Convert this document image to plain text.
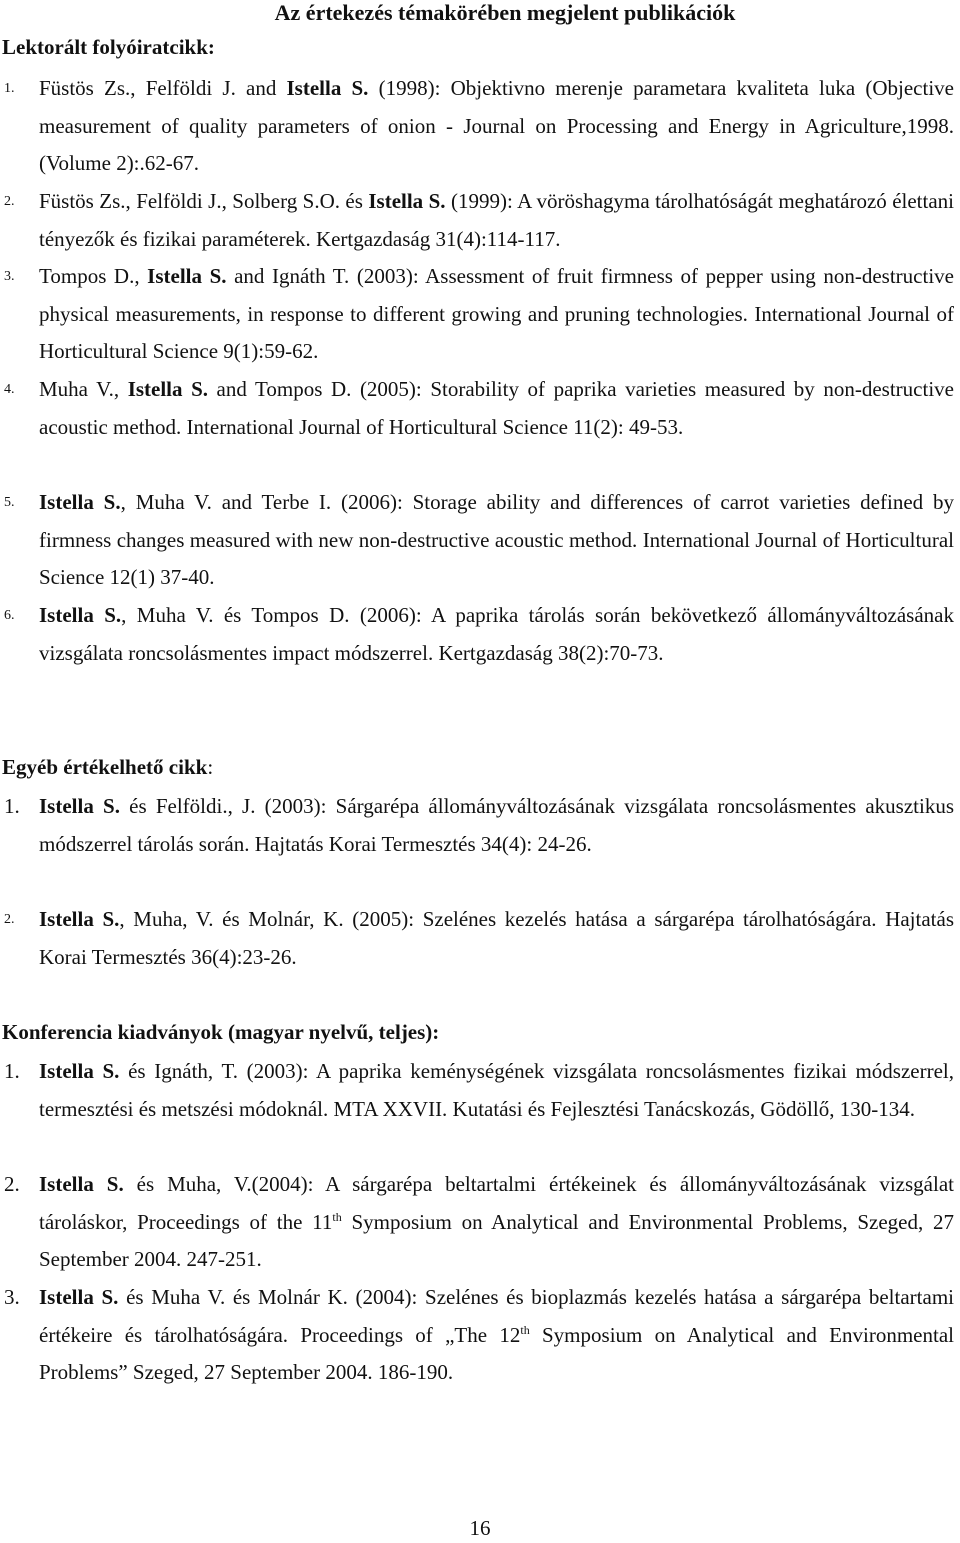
Az értekezés témakörében megjelent publikációk
Lektorált folyóiratcikk:
1. Füstös Zs., Felföldi J. and Istella S. (1998): Objektivno merenje parametara kvaliteta luka (Objective measurement of quality parameters of onion - Journal on Processing and Energy in Agriculture,1998.(Volume 2):.62-67.
2. Füstös Zs., Felföldi J., Solberg S.O. és Istella S. (1999): A vöröshagyma tárolhatóságát meghatározó élettani tényezők és fizikai paraméterek. Kertgazdaság 31(4):114-117.
3. Tompos D., Istella S. and Ignáth T. (2003): Assessment of fruit firmness of pepper using non-destructive physical measurements, in response to different growing and pruning technologies. International Journal of Horticultural Science 9(1):59-62.
4. Muha V., Istella S. and Tompos D. (2005): Storability of paprika varieties measured by non-destructive acoustic method. International Journal of Horticultural Science 11(2): 49-53.
5. Istella S., Muha V. and Terbe I. (2006): Storage ability and differences of carrot varieties defined by firmness changes measured with new non-destructive acoustic method. International Journal of Horticultural Science 12(1) 37-40.
6. Istella S., Muha V. és Tompos D. (2006): A paprika tárolás során bekövetkező állományváltozásának vizsgálata roncsolásmentes impact módszerrel. Kertgazdaság 38(2):70-73.
Egyéb értékelhető cikk:
1. Istella S. és Felföldi., J. (2003): Sárgarépa állományváltozásának vizsgálata roncsolásmentes akusztikus módszerrel tárolás során. Hajtatás Korai Termesztés 34(4): 24-26.
2. Istella S., Muha, V. és Molnár, K. (2005): Szelénes kezelés hatása a sárgarépa tárolhatóságára. Hajtatás Korai Termesztés 36(4):23-26.
Konferencia kiadványok (magyar nyelvű, teljes):
1. Istella S. és Ignáth, T. (2003): A paprika keménységének vizsgálata roncsolásmentes fizikai módszerrel, termesztési és metszési módoknál. MTA XXVII. Kutatási és Fejlesztési Tanácskozás, Gödöllő, 130-134.
2. Istella S. és Muha, V.(2004): A sárgarépa beltartalmi értékeinek és állományváltozásának vizsgálat tároláskor, Proceedings of the 11th Symposium on Analytical and Environmental Problems, Szeged, 27 September 2004. 247-251.
3. Istella S. és Muha V. és Molnár K. (2004): Szelénes és bioplazmás kezelés hatása a sárgarépa beltartami értékeire és tárolhatóságára. Proceedings of „The 12th Symposium on Analytical and Environmental Problems” Szeged, 27 September 2004. 186-190.
16
